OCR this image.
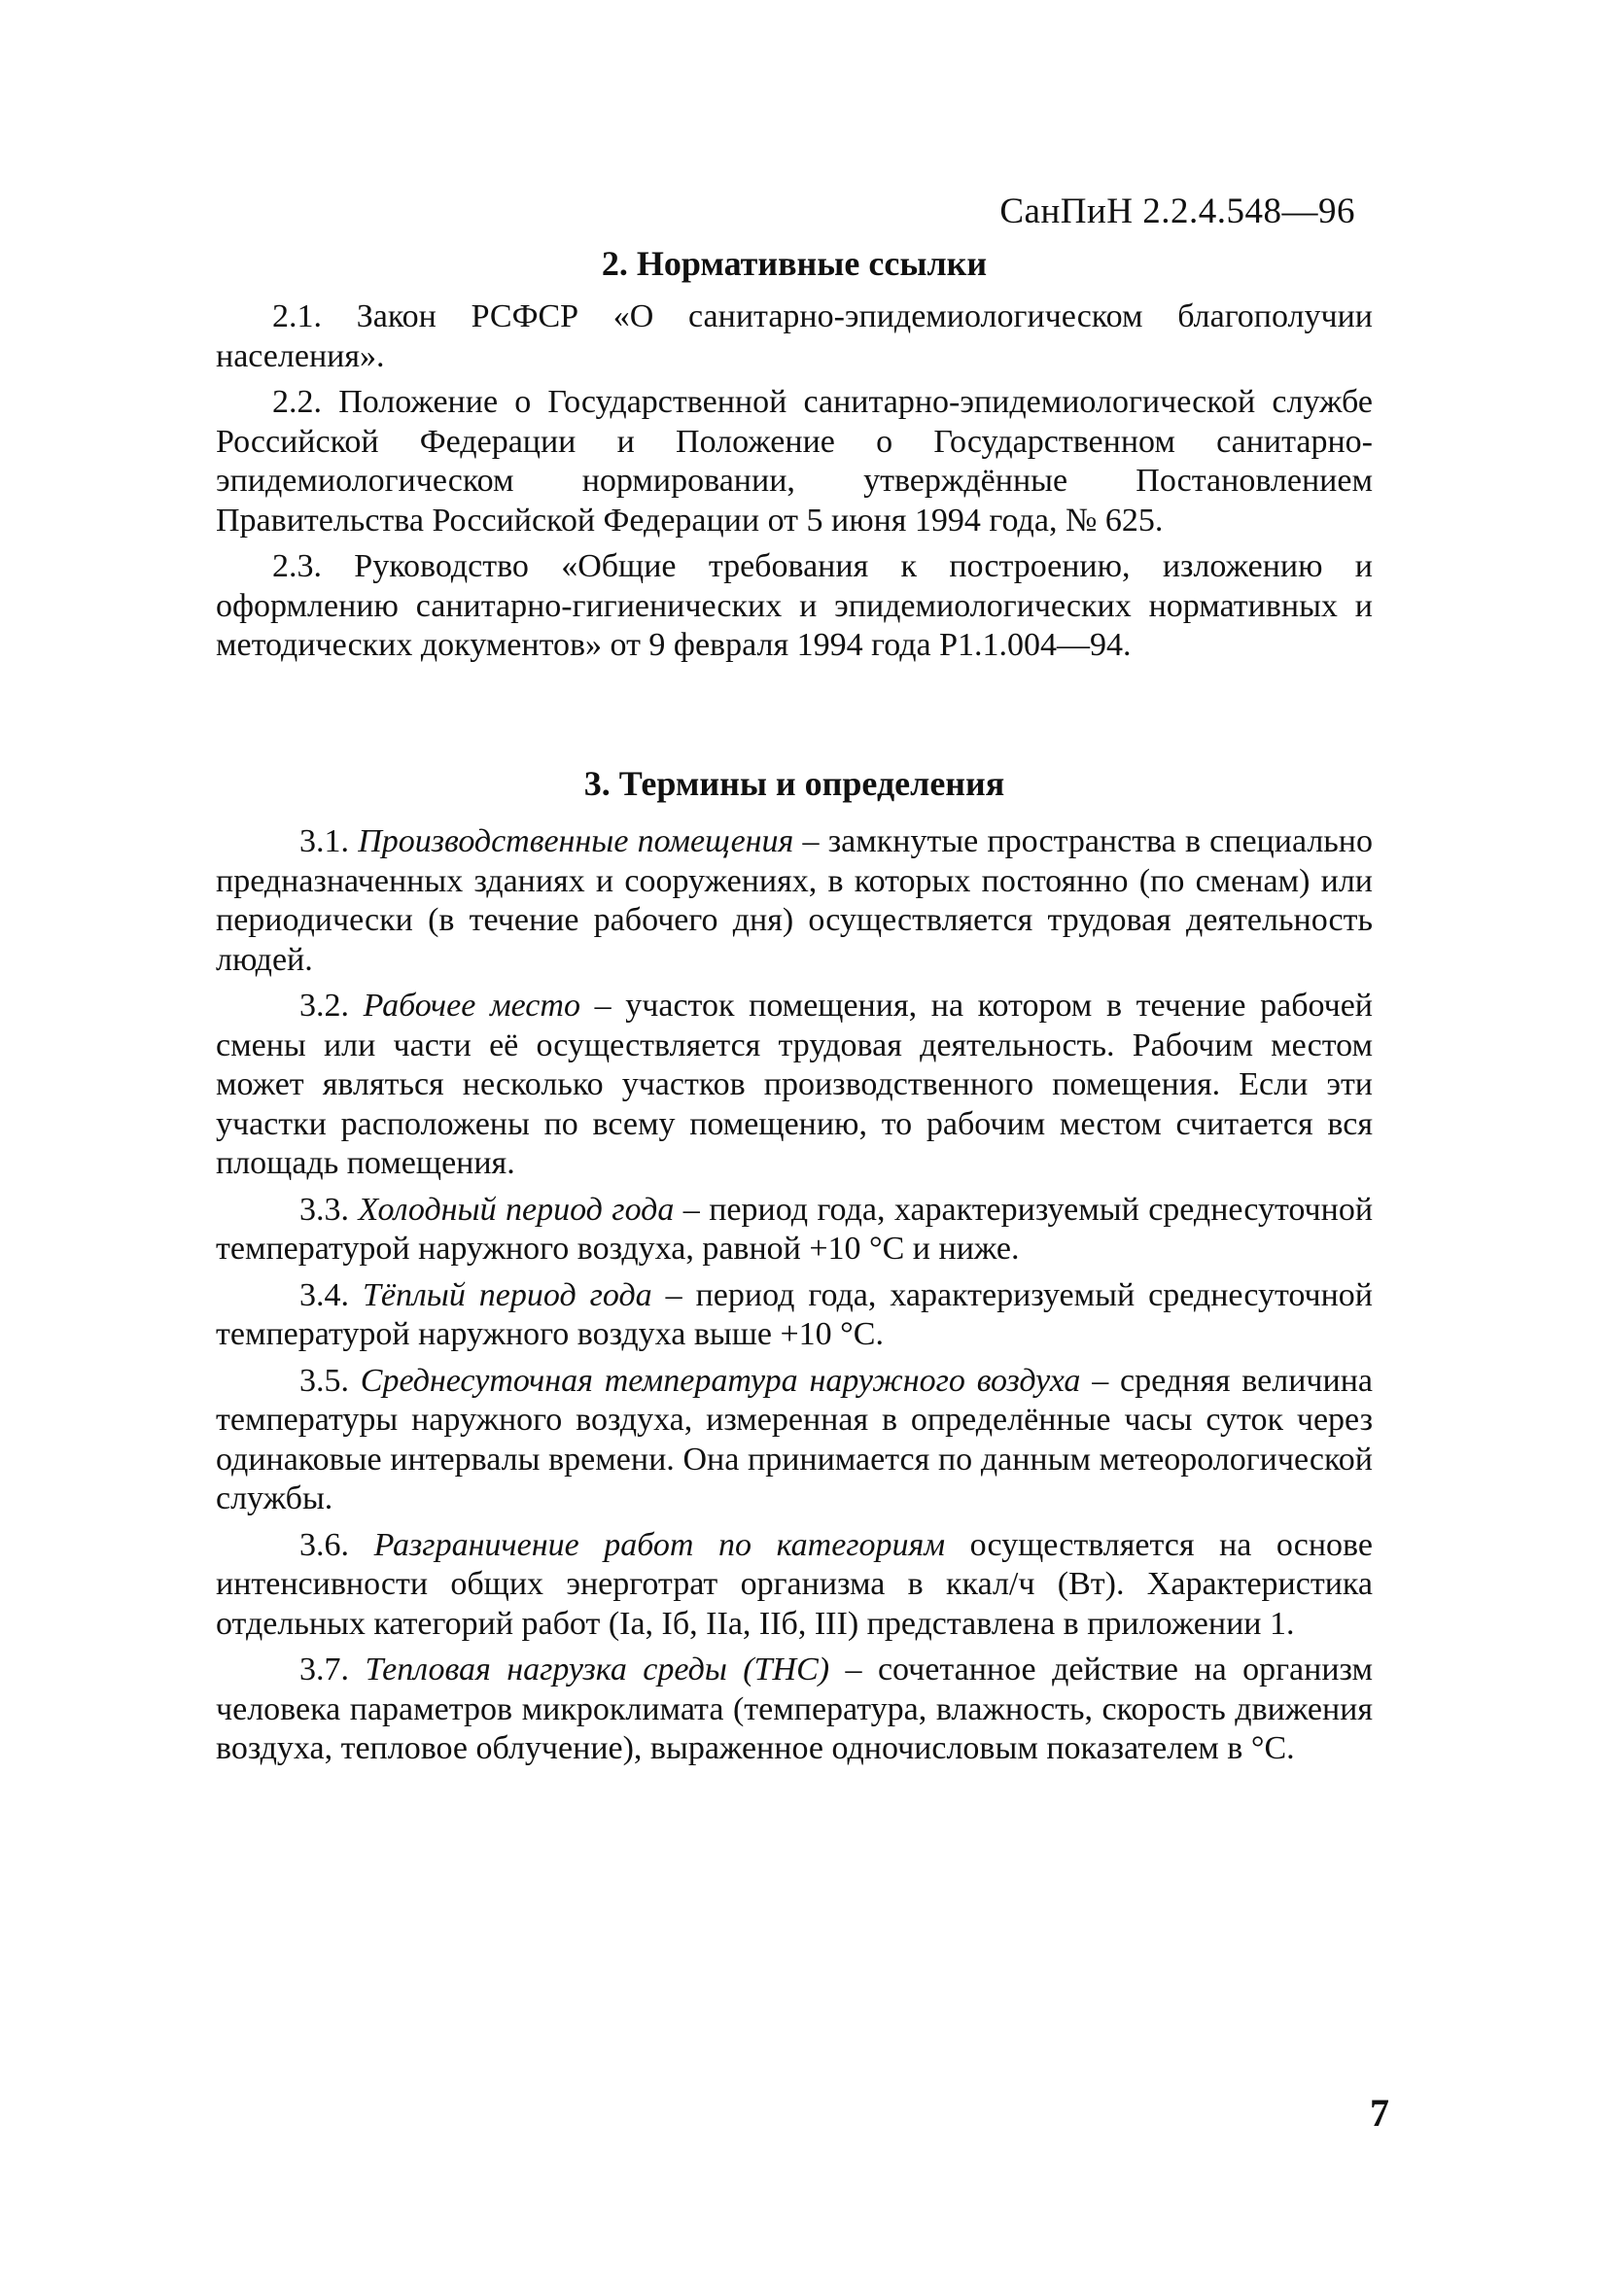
СанПиН 2.2.4.548—96
2. Нормативные ссылки

2.1. Закон РСФСР «О санитарно-эпидемиологическом благополучии населения».

2.2. Положение о Государственной санитарно-эпидемиологической службе Российской Федерации и Положение о Государственном санитарно-эпидемиологическом нормировании, утверждённые Постановлением Правительства Российской Федерации от 5 июня 1994 года, № 625.

2.3. Руководство «Общие требования к построению, изложению и оформлению санитарно-гигиенических и эпидемиологических нормативных и методических документов» от 9 февраля 1994 года Р1.1.004—94.

3. Термины и определения

3.1. Производственные помещения – замкнутые пространства в специально предназначенных зданиях и сооружениях, в которых постоянно (по сменам) или периодически (в течение рабочего дня) осуществляется трудовая деятельность людей.

3.2. Рабочее место – участок помещения, на котором в течение рабочей смены или части её осуществляется трудовая деятельность. Рабочим местом может являться несколько участков производственного помещения. Если эти участки расположены по всему помещению, то рабочим местом считается вся площадь помещения.

3.3. Холодный период года – период года, характеризуемый среднесуточной температурой наружного воздуха, равной +10 °С и ниже.

3.4. Тёплый период года – период года, характеризуемый среднесуточной температурой наружного воздуха выше +10 °С.

3.5. Среднесуточная температура наружного воздуха – средняя величина температуры наружного воздуха, измеренная в определённые часы суток через одинаковые интервалы времени. Она принимается по данным метеорологической службы.

3.6. Разграничение работ по категориям осуществляется на основе интенсивности общих энерготрат организма в ккал/ч (Вт). Характеристика отдельных категорий работ (Iа, Iб, IIа, IIб, III) представлена в приложении 1.

3.7. Тепловая нагрузка среды (ТНС) – сочетанное действие на организм человека параметров микроклимата (температура, влажность, скорость движения воздуха, тепловое облучение), выраженное одночисловым показателем в °С.

7
